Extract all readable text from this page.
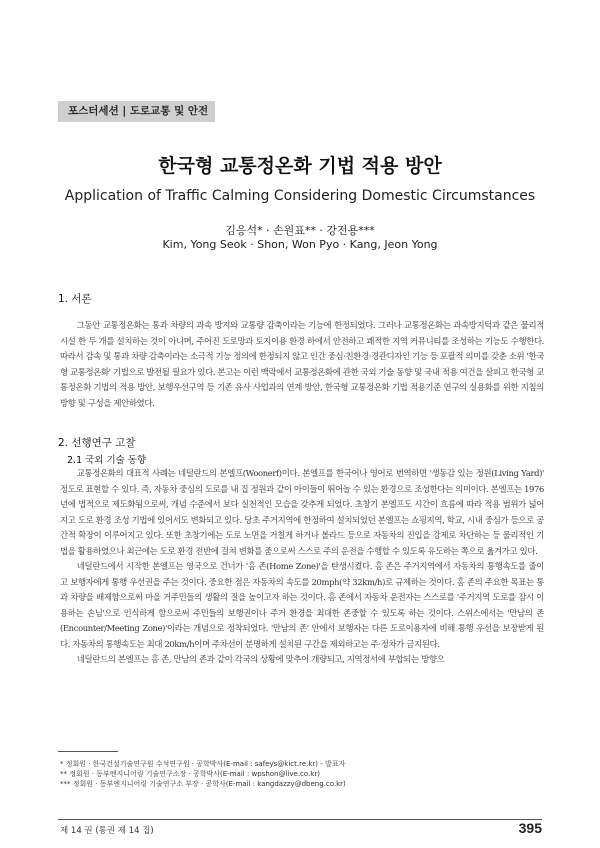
포스터세션 | 도로교통 및 안전
한국형 교통정온화 기법 적용 방안
Application of Traffic Calming Considering Domestic Circumstances
김응석* · 손원표** · 강전용***
Kim, Yong Seok · Shon, Won Pyo · Kang, Jeon Yong
1. 서론

그동안 교통정온화는 통과 차량의 과속 방지와 교통량 감축이라는 기능에 한정되었다. 그러나 교통정온화는 과속방지턱과 같은 물리적 시설 한 두 개를 설치하는 것이 아니며, 주어진 도로망과 토지이용 환경 하에서 안전하고 쾌적한 지역 커뮤니티를 조성하는 기능도 수행한다. 따라서 감속 및 통과 차량 감축이라는 소극적 기능 정의에 한정되지 않고 인간 중심·친환경·경관디자인 기능 등 포괄적 의미를 갖춘 소위 '한국형 교통정온화' 기법으로 발전될 필요가 있다. 본고는 이런 맥락에서 교통정온화에 관한 국외 기술 동향 및 국내 적용 여건을 살피고 한국형 교통정온화 기법의 적용 방안, 보행우선구역 등 기존 유사 사업과의 연계 방안, 한국형 교통정온화 기법 적용기준 연구의 실용화를 위한 지침의 방향 및 구성을 제안하였다.

2. 선행연구 고찰
2.1 국외 기술 동향

교통정온화의 대표적 사례는 네덜란드의 본엘프(Woonerf)이다. 본엘프를 한국어나 영어로 번역하면 '생동감 있는 정원(Living Yard)' 정도로 표현할 수 있다. 즉, 자동차 중심의 도로를 내 집 정원과 같이 아이들이 뛰어놀 수 있는 환경으로 조성한다는 의미이다. 본엘프는 1976년에 법적으로 제도화됨으로써, 개념 수준에서 보다 실천적인 모습을 갖추게 되었다. 초창기 본엘프도 시간이 흐름에 따라 적용 범위가 넓어지고 도로 환경 조성 기법에 있어서도 변화되고 있다. 당초 주거지역에 한정하여 설치되었던 본엘프는 쇼핑지역, 학교, 시내 중심가 등으로 공간적 확장이 이루어지고 있다. 또한 초창기에는 도로 노면을 거칠게 하거나 볼라드 등으로 자동차의 진입을 강제로 차단하는 등 물리적인 기법을 활용하였으나 최근에는 도로 환경 전반에 걸쳐 변화를 줌으로써 스스로 주의 운전을 수행할 수 있도록 유도하는 쪽으로 옮겨가고 있다.

네덜란드에서 시작한 본엘프는 영국으로 건너가 '홈 존(Home Zone)'을 탄생시켰다. 홈 존은 주거지역에서 자동차의 통행속도를 줄이고 보행자에게 통행 우선권을 주는 것이다. 중요한 점은 자동차의 속도를 20mph(약 32km/h)로 규제하는 것이다. 홈 존의 주요한 목표는 통과 차량을 배제함으로써 마을 거주민들의 생활의 질을 높이고자 하는 것이다. 홈 존에서 자동차 운전자는 스스로를 '주거지역 도로를 잠시 이용하는 손님'으로 인식하게 함으로써 주민들의 보행권이나 주거 환경을 최대한 존중할 수 있도록 하는 것이다. 스위스에서는 '만남의 존(Encounter/Meeting Zone)'이라는 개념으로 정착되었다. '만남의 존' 안에서 보행자는 다른 도로이용자에 비해 통행 우선을 보장받게 된다. 자동차의 통행속도는 최대 20km/h이며 주차선이 분명하게 설치된 구간을 제외하고는 주·정차가 금지된다.

네덜란드의 본엘프는 홈 존, 만남의 존과 같이 각국의 상황에 맞추어 개량되고, 지역정서에 부합되는 방향으

* 정회원 · 한국건설기술연구원 수석연구원 · 공학박사(E-mail : safeys@kict.re.kr) - 발표자
** 정회원 · 동부엔지니어링 기술연구소장 · 공학박사(E-mail : wpshon@live.co.kr)
*** 정회원 · 동부엔지니어링 기술연구소 부장 · 공학사(E-mail : kangdazzy@dbeng.co.kr)
제 14 권 (통권 제 14 집)	395
